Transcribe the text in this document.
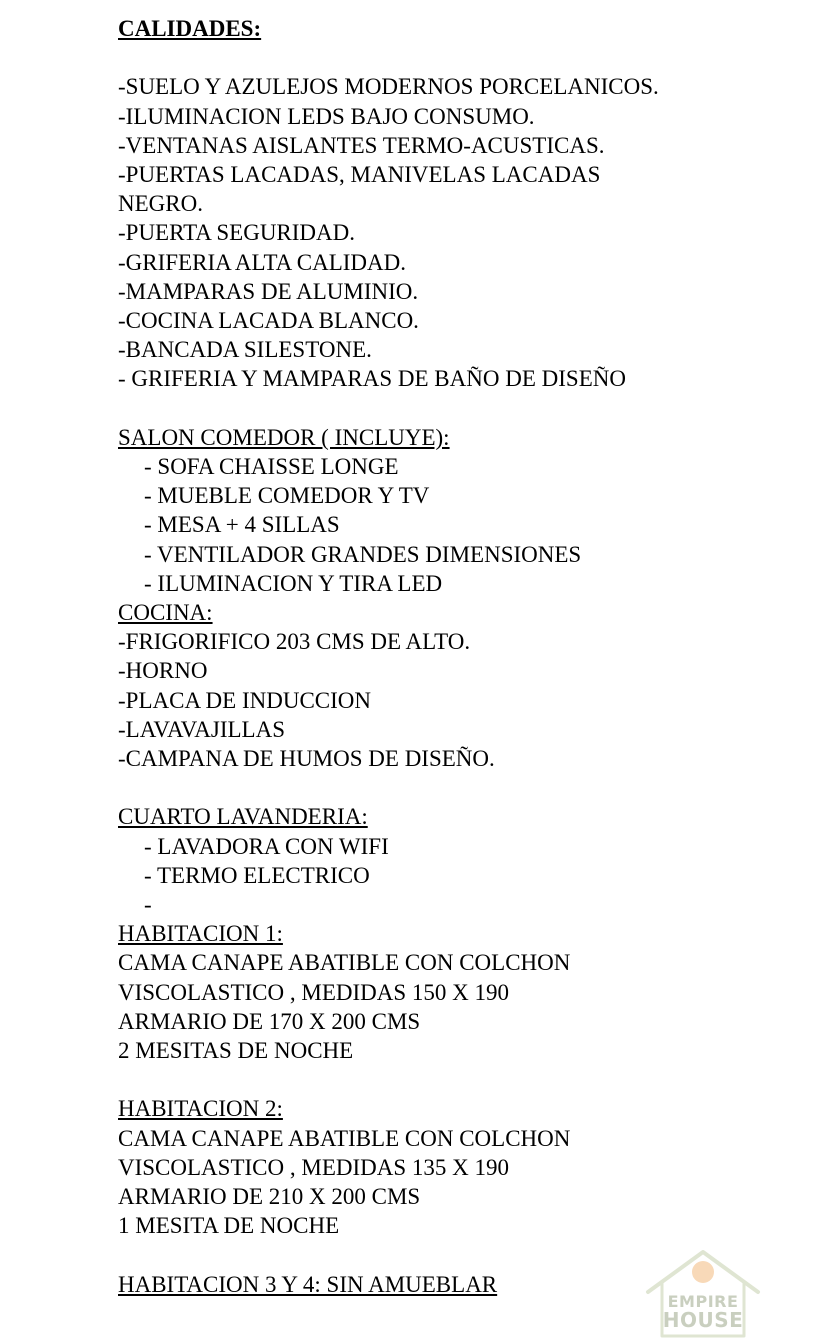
CALIDADES:
-SUELO Y AZULEJOS MODERNOS PORCELANICOS.
-ILUMINACION LEDS BAJO CONSUMO.
-VENTANAS AISLANTES TERMO-ACUSTICAS.
-PUERTAS LACADAS, MANIVELAS LACADAS
NEGRO.
-PUERTA SEGURIDAD.
-GRIFERIA ALTA CALIDAD.
-MAMPARAS DE ALUMINIO.
-COCINA LACADA BLANCO.
-BANCADA SILESTONE.
- GRIFERIA Y MAMPARAS DE BAÑO DE DISEÑO
SALON COMEDOR ( INCLUYE):
- SOFA CHAISSE LONGE
- MUEBLE COMEDOR Y TV
- MESA + 4 SILLAS
- VENTILADOR GRANDES DIMENSIONES
- ILUMINACION Y TIRA LED
COCINA:
-FRIGORIFICO 203 CMS DE ALTO.
-HORNO
-PLACA DE INDUCCION
-LAVAVAJILLAS
-CAMPANA DE HUMOS DE DISEÑO.
CUARTO LAVANDERIA:
- LAVADORA CON WIFI
- TERMO ELECTRICO
-
HABITACION 1:
CAMA CANAPE ABATIBLE CON COLCHON
VISCOLASTICO , MEDIDAS 150 X 190
ARMARIO DE 170 X 200 CMS
2 MESITAS DE NOCHE
HABITACION 2:
CAMA CANAPE ABATIBLE CON COLCHON
VISCOLASTICO , MEDIDAS 135 X 190
ARMARIO DE 210 X 200 CMS
1 MESITA DE NOCHE
HABITACION 3 Y 4: SIN AMUEBLAR
EMPIRE
HOUSE
